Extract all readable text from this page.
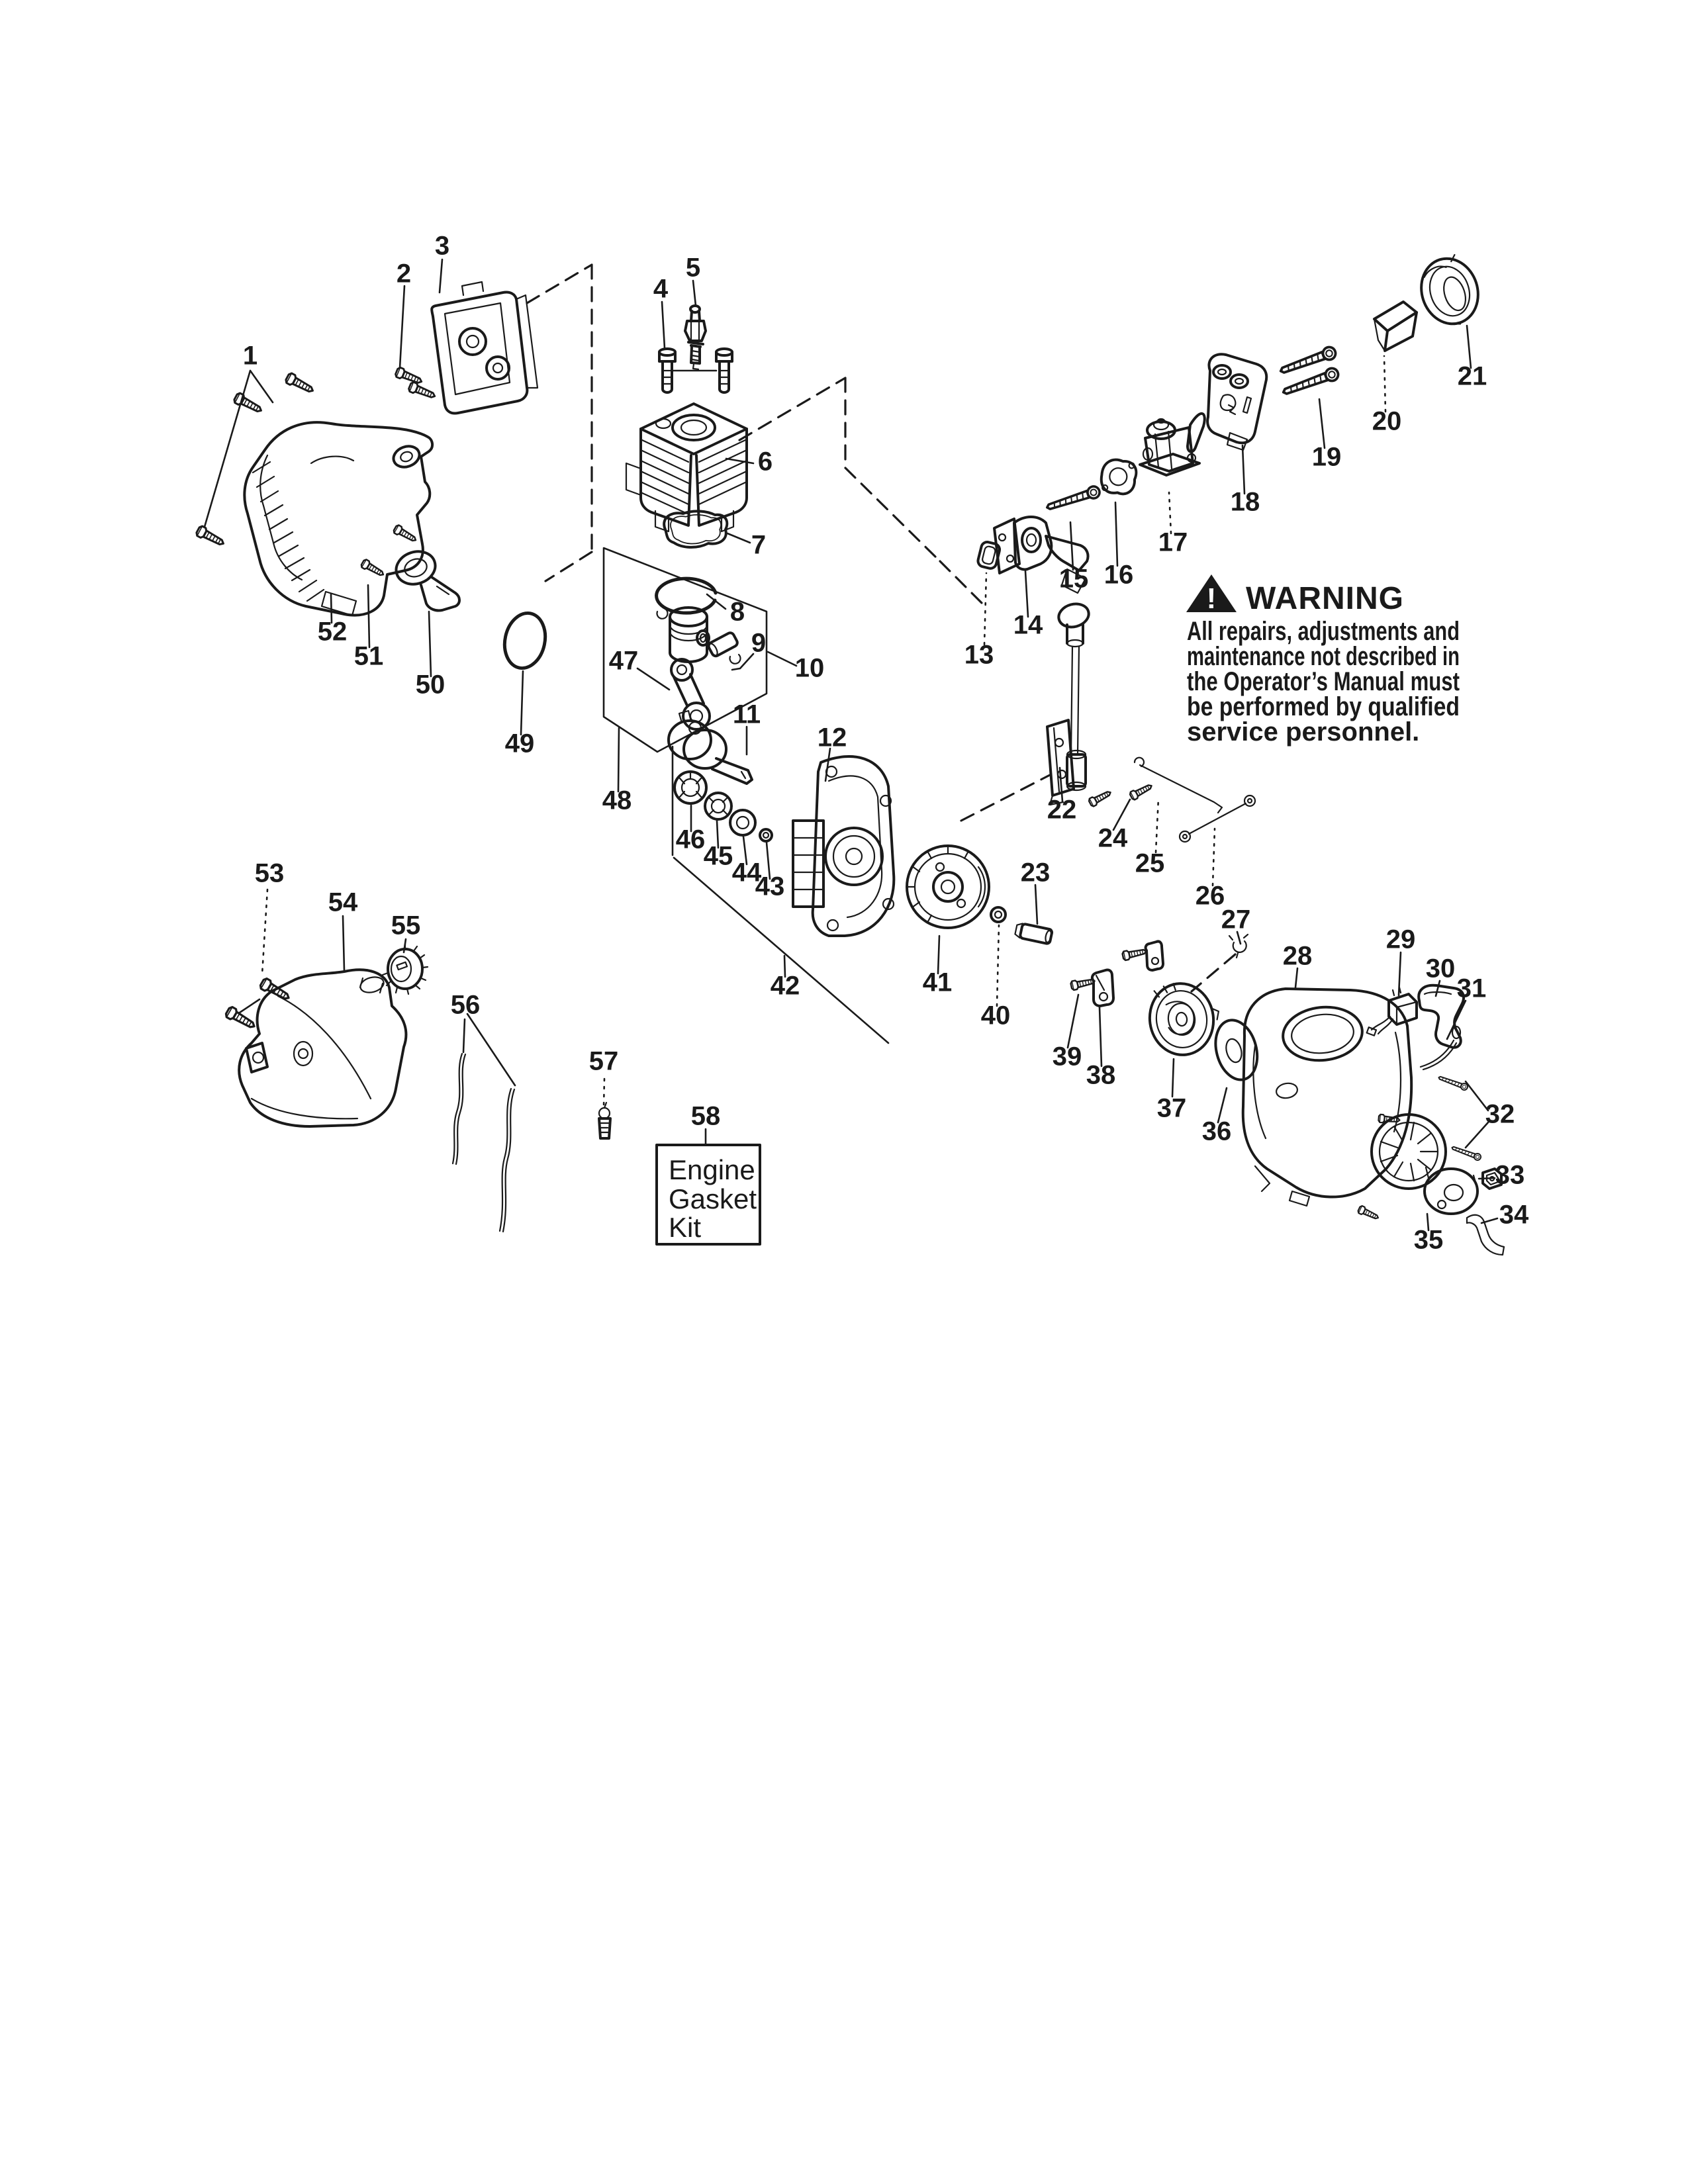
! WARNING
All repairs, adjustments and
maintenance not described in
the Operator’s Manual must
be performed by qualified
service personnel.
Engine
Gasket
Kit
1
2
3
4
5
6
7
8
9
10
11
12
13
14
15 16
17
18
19
20
21
22
23
24
25
26
27
28
29
30
31
32
33
34
35
36
37
38
39
40
41
42
43
44
45
46
47
48
49
50
51
52
53
54
55
56
57
58
